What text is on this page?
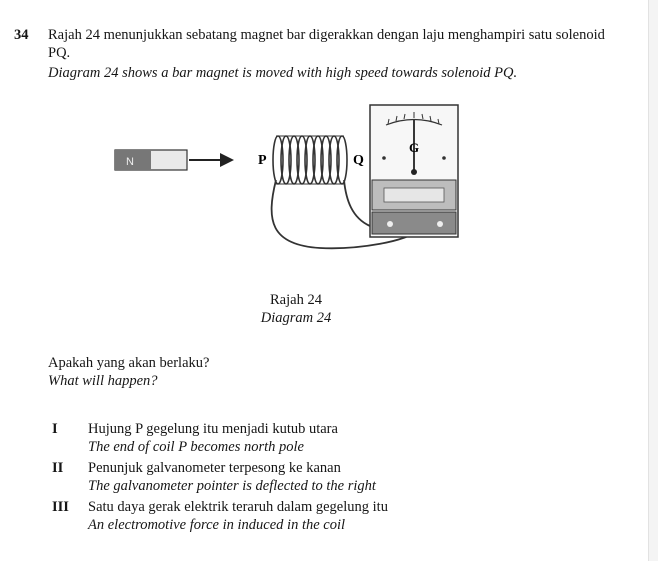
34 Rajah 24 menunjukkan sebatang magnet bar digerakkan dengan laju menghampiri satu solenoid PQ.

Diagram 24 shows a bar magnet is moved with high speed towards solenoid PQ.

N	P	Q
G
Rajah 24
Diagram 24
Apakah yang akan berlaku?
What will happen?
I Hujung P gegelung itu menjadi kutub utara
The end of coil P becomes north pole
II Penunjuk galvanometer terpesong ke kanan
The galvanometer pointer is deflected to the right
III Satu daya gerak elektrik teraruh dalam gegelung itu
An electromotive force in induced in the coil
